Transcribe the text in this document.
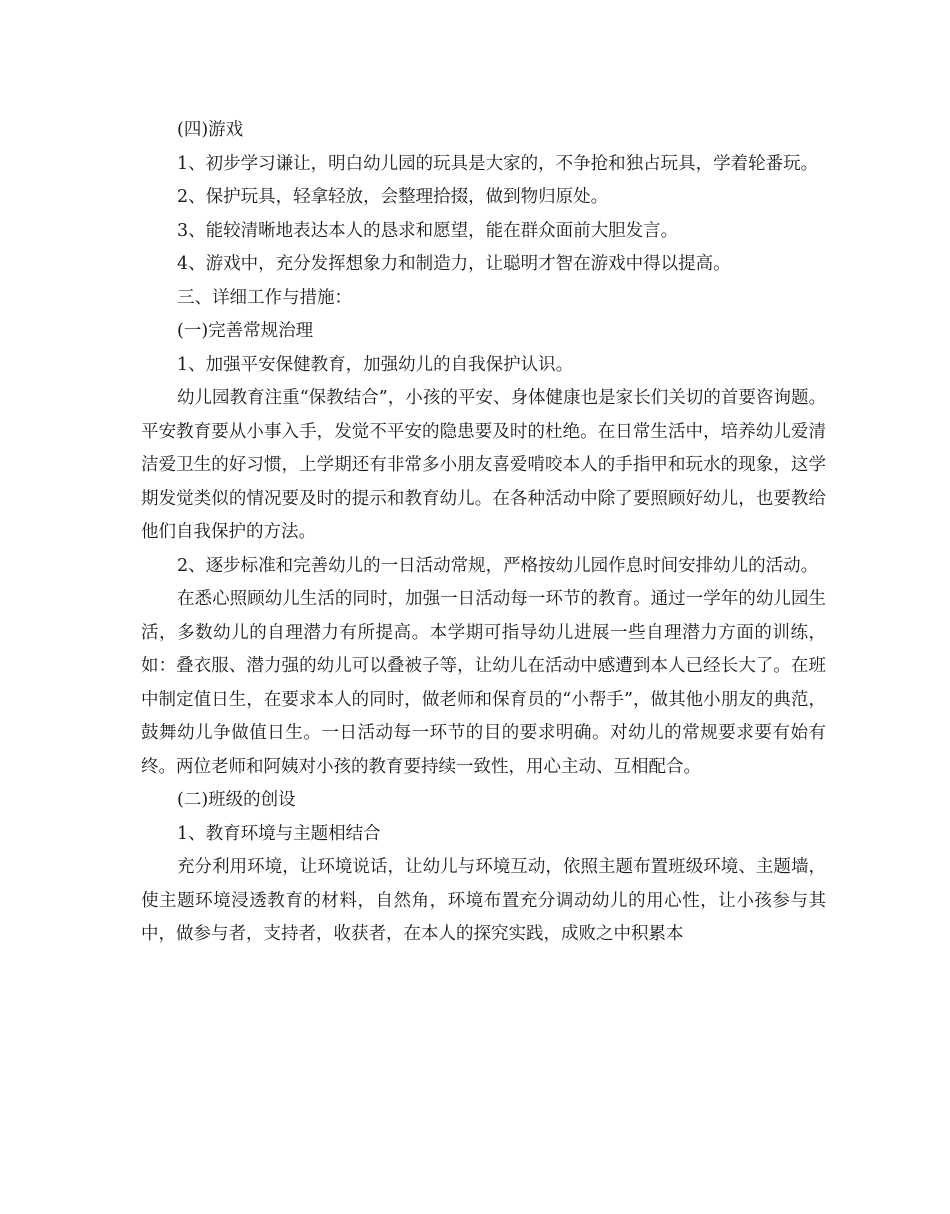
(四)游戏

1、初步学习谦让，明白幼儿园的玩具是大家的，不争抢和独占玩具，学着轮番玩。

2、保护玩具，轻拿轻放，会整理拾掇，做到物归原处。

3、能较清晰地表达本人的恳求和愿望，能在群众面前大胆发言。

4、游戏中，充分发挥想象力和制造力，让聪明才智在游戏中得以提高。

三、详细工作与措施：

(一)完善常规治理

1、加强平安保健教育，加强幼儿的自我保护认识。

幼儿园教育注重“保教结合”，小孩的平安、身体健康也是家长们关切的首要咨询题。平安教育要从小事入手，发觉不平安的隐患要及时的杜绝。在日常生活中，培养幼儿爱清洁爱卫生的好习惯，上学期还有非常多小朋友喜爱啃咬本人的手指甲和玩水的现象，这学期发觉类似的情况要及时的提示和教育幼儿。在各种活动中除了要照顾好幼儿，也要教给他们自我保护的方法。

2、逐步标准和完善幼儿的一日活动常规，严格按幼儿园作息时间安排幼儿的活动。

在悉心照顾幼儿生活的同时，加强一日活动每一环节的教育。通过一学年的幼儿园生活，多数幼儿的自理潜力有所提高。本学期可指导幼儿进展一些自理潜力方面的训练，如：叠衣服、潜力强的幼儿可以叠被子等，让幼儿在活动中感遭到本人已经长大了。在班中制定值日生，在要求本人的同时，做老师和保育员的“小帮手”，做其他小朋友的典范，鼓舞幼儿争做值日生。一日活动每一环节的目的要求明确。对幼儿的常规要求要有始有终。两位老师和阿姨对小孩的教育要持续一致性，用心主动、互相配合。

(二)班级的创设

1、教育环境与主题相结合

充分利用环境，让环境说话，让幼儿与环境互动，依照主题布置班级环境、主题墙，使主题环境浸透教育的材料，自然角，环境布置充分调动幼儿的用心性，让小孩参与其中，做参与者，支持者，收获者，在本人的探究实践，成败之中积累本
